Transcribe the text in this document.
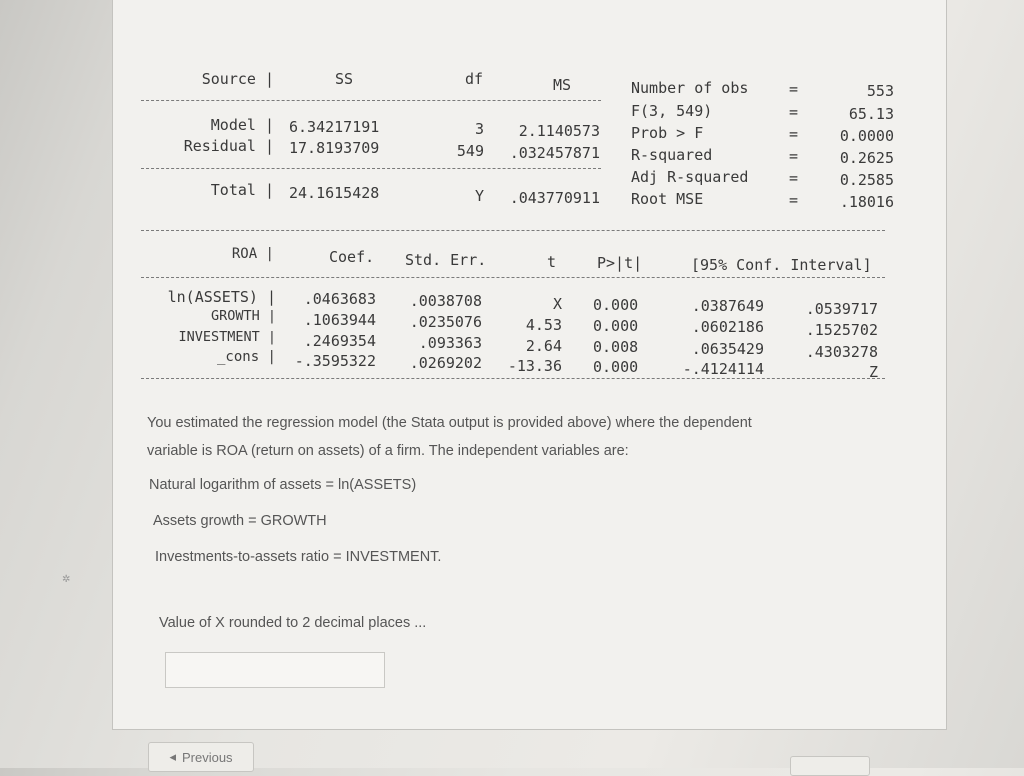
✲
Source |	SS	df	MS
Model | 6.34217191	3 2.1140573
Residual | 17.8193709	549 .032457871
Total | 24.1615428	Y .043770911
Number of obs	=	553
F(3, 549)	=	65.13
Prob > F	=	0.0000
R-squared	=	0.2625
Adj R-squared	=	0.2585
Root MSE	=	.18016
ROA |	Coef. Std. Err.	t	P>|t|	[95% Conf. Interval]
ln(ASSETS) | .0463683 .0038708	X 0.000	.0387649	.0539717
GROWTH | .1063944 .0235076	4.53 0.000	.0602186	.1525702
INVESTMENT | .2469354	.093363	2.64 0.008	.0635429	.4303278
_cons | -.3595322 .0269202 -13.36 0.000	-.4124114	Z
You estimated the regression model (the Stata output is provided above) where the dependent
variable is ROA (return on assets) of a firm. The independent variables are:
Natural logarithm of assets = ln(ASSETS)
Assets growth = GROWTH
Investments-to-assets ratio = INVESTMENT.
Value of X rounded to 2 decimal places ...
◂ Previous
